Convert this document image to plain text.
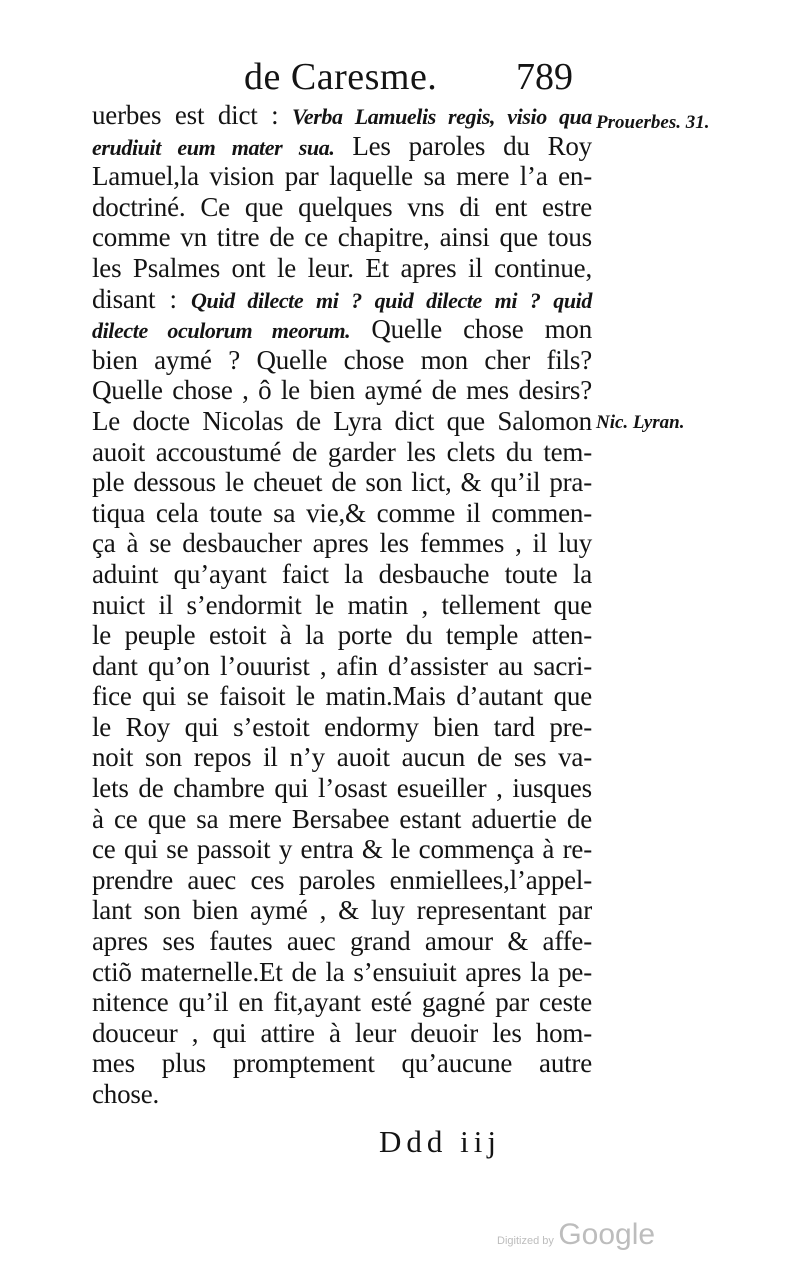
de Caresme. 789
uerbes est dict : Verba Lamuelis regis, visio qua
erudiuit eum mater sua. Les paroles du Roy
Lamuel,la vision par laquelle sa mere l’a en-
doctriné. Ce que quelques vns di ent estre
comme vn titre de ce chapitre, ainsi que tous
les Psalmes ont le leur. Et apres il continue,
disant : Quid dilecte mi ? quid dilecte mi ? quid
dilecte oculorum meorum. Quelle chose mon
bien aymé ? Quelle chose mon cher fils?
Quelle chose , ô le bien aymé de mes desirs?
Le docte Nicolas de Lyra dict que Salomon
auoit accoustumé de garder les clets du tem-
ple dessous le cheuet de son lict, & qu’il pra-
tiqua cela toute sa vie,& comme il commen-
ça à se desbaucher apres les femmes , il luy
aduint qu’ayant faict la desbauche toute la
nuict il s’endormit le matin , tellement que
le peuple estoit à la porte du temple atten-
dant qu’on l’ouurist , afin d’assister au sacri-
fice qui se faisoit le matin.Mais d’autant que
le Roy qui s’estoit endormy bien tard pre-
noit son repos il n’y auoit aucun de ses va-
lets de chambre qui l’osast esueiller , iusques
à ce que sa mere Bersabee estant aduertie de
ce qui se passoit y entra & le commença à re-
prendre auec ces paroles enmiellees,l’appel-
lant son bien aymé , & luy representant par
apres ses fautes auec grand amour & affe-
ctiõ maternelle.Et de la s’ensuiuit apres la pe-
nitence qu’il en fit,ayant esté gagné par ceste
douceur , qui attire à leur deuoir les hom-
mes plus promptement qu’aucune autre
chose.
Prouerbes. 31.
Nic. Lyran.
Ddd iij
Digitized by Google
